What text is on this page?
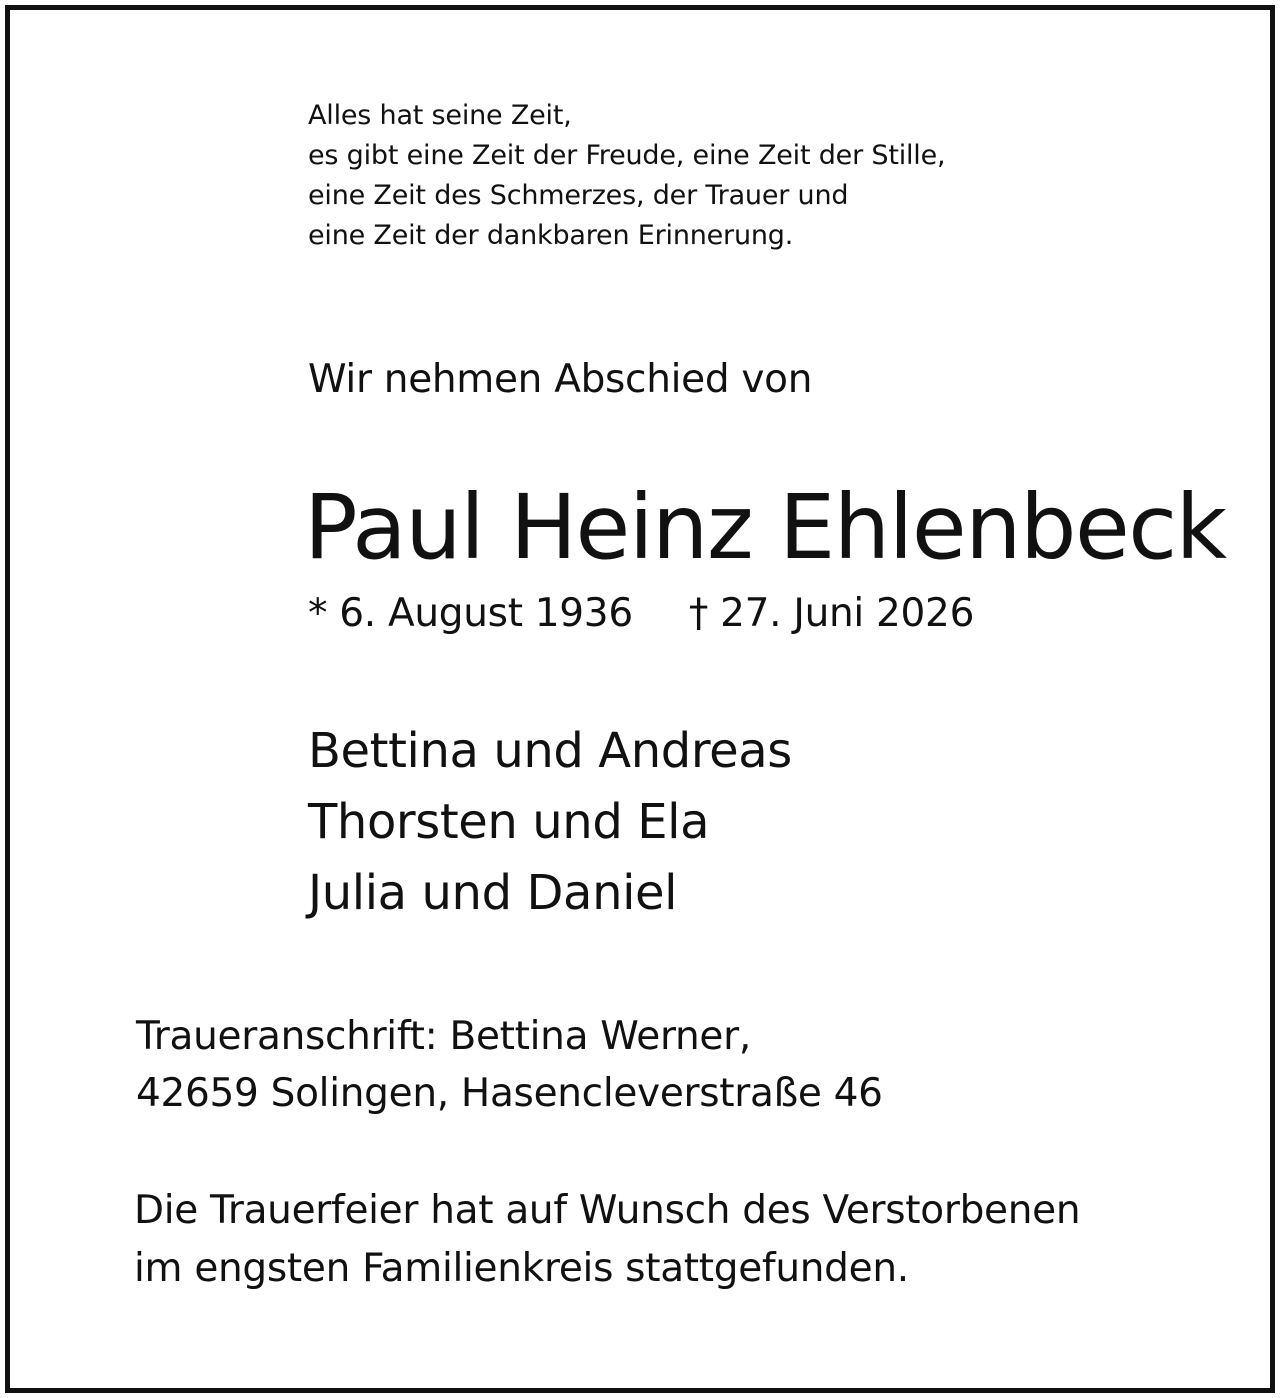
Alles hat seine Zeit,
es gibt eine Zeit der Freude, eine Zeit der Stille,
eine Zeit des Schmerzes, der Trauer und
eine Zeit der dankbaren Erinnerung.
Wir nehmen Abschied von
Paul Heinz Ehlenbeck
* 6. August 1936 † 27. Juni 2026
Bettina und Andreas
Thorsten und Ela
Julia und Daniel
Traueranschrift: Bettina Werner,
42659 Solingen, Hasencleverstraße 46
Die Trauerfeier hat auf Wunsch des Verstorbenen
im engsten Familienkreis stattgefunden.
